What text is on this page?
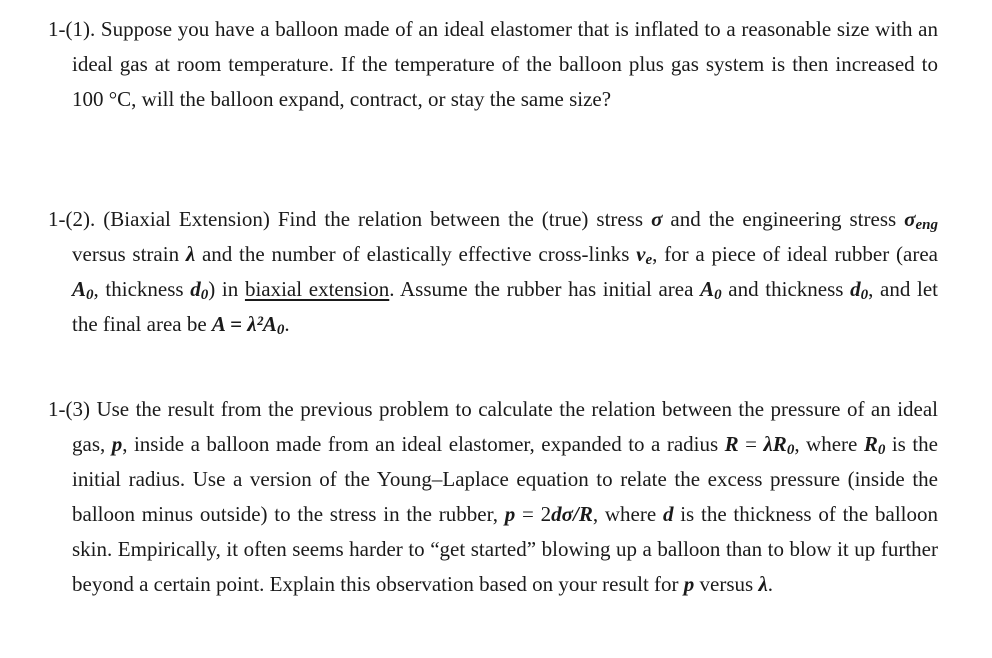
1-(1). Suppose you have a balloon made of an ideal elastomer that is inflated to a reasonable size with an ideal gas at room temperature. If the temperature of the balloon plus gas system is then increased to 100 °C, will the balloon expand, contract, or stay the same size?
1-(2). (Biaxial Extension) Find the relation between the (true) stress σ and the engineering stress $\sigma_{eng}$ versus strain λ and the number of elastically effective cross-links $\nu_e$, for a piece of ideal rubber (area $A_0$, thickness $d_0$) in biaxial extension. Assume the rubber has initial area $A_0$ and thickness $d_0$, and let the final area be $A = \lambda^2A_0$.
1-(3) Use the result from the previous problem to calculate the relation between the pressure of an ideal gas, p, inside a balloon made from an ideal elastomer, expanded to a radius $R = \lambda R_0$, where $R_0$ is the initial radius. Use a version of the Young–Laplace equation to relate the excess pressure (inside the balloon minus outside) to the stress in the rubber, p = 2dσ/R, where d is the thickness of the balloon skin. Empirically, it often seems harder to “get started” blowing up a balloon than to blow it up further beyond a certain point. Explain this observation based on your result for p versus λ.
